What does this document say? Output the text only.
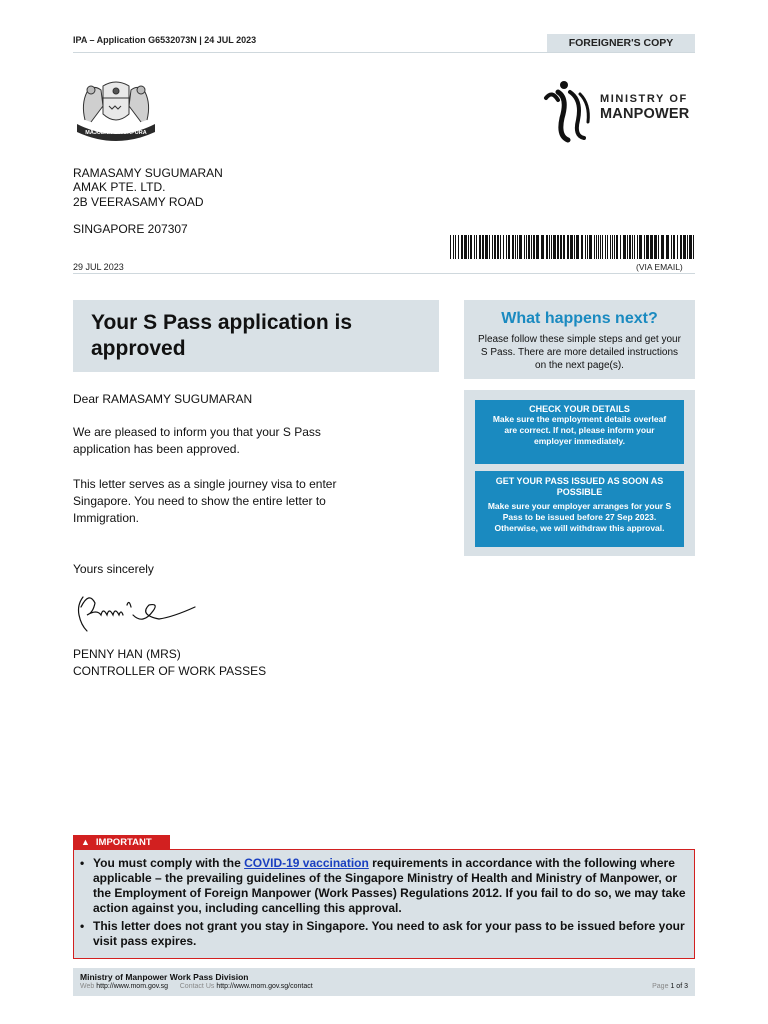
IPA – Application G6532073N | 24 JUL 2023	FOREIGNER'S COPY
MAJULAH SINGAPURA
MINISTRY OF
MANPOWER
RAMASAMY SUGUMARAN
AMAK PTE. LTD.
2B VEERASAMY ROAD
SINGAPORE 207307
29 JUL 2023	(VIA EMAIL)
Your S Pass application is approved
Dear RAMASAMY SUGUMARAN
We are pleased to inform you that your S Pass application has been approved.
This letter serves as a single journey visa to enter Singapore. You need to show the entire letter to Immigration.
Yours sincerely
PENNY HAN (MRS)
CONTROLLER OF WORK PASSES
What happens next?
Please follow these simple steps and get your S Pass. There are more detailed instructions on the next page(s).
CHECK YOUR DETAILS
Make sure the employment details overleaf are correct. If not, please inform your employer immediately.
GET YOUR PASS ISSUED AS SOON AS POSSIBLE
Make sure your employer arranges for your S Pass to be issued before 27 Sep 2023. Otherwise, we will withdraw this approval.
▲ IMPORTANT
• You must comply with the COVID-19 vaccination requirements in accordance with the following where applicable – the prevailing guidelines of the Singapore Ministry of Health and Ministry of Manpower, or the Employment of Foreign Manpower (Work Passes) Regulations 2012. If you fail to do so, we may take action against you, including cancelling this approval.
• This letter does not grant you stay in Singapore. You need to ask for your pass to be issued before your visit pass expires.
Ministry of Manpower Work Pass Division
Web http://www.mom.gov.sg Contact Us http://www.mom.gov.sg/contact	Page 1 of 3
